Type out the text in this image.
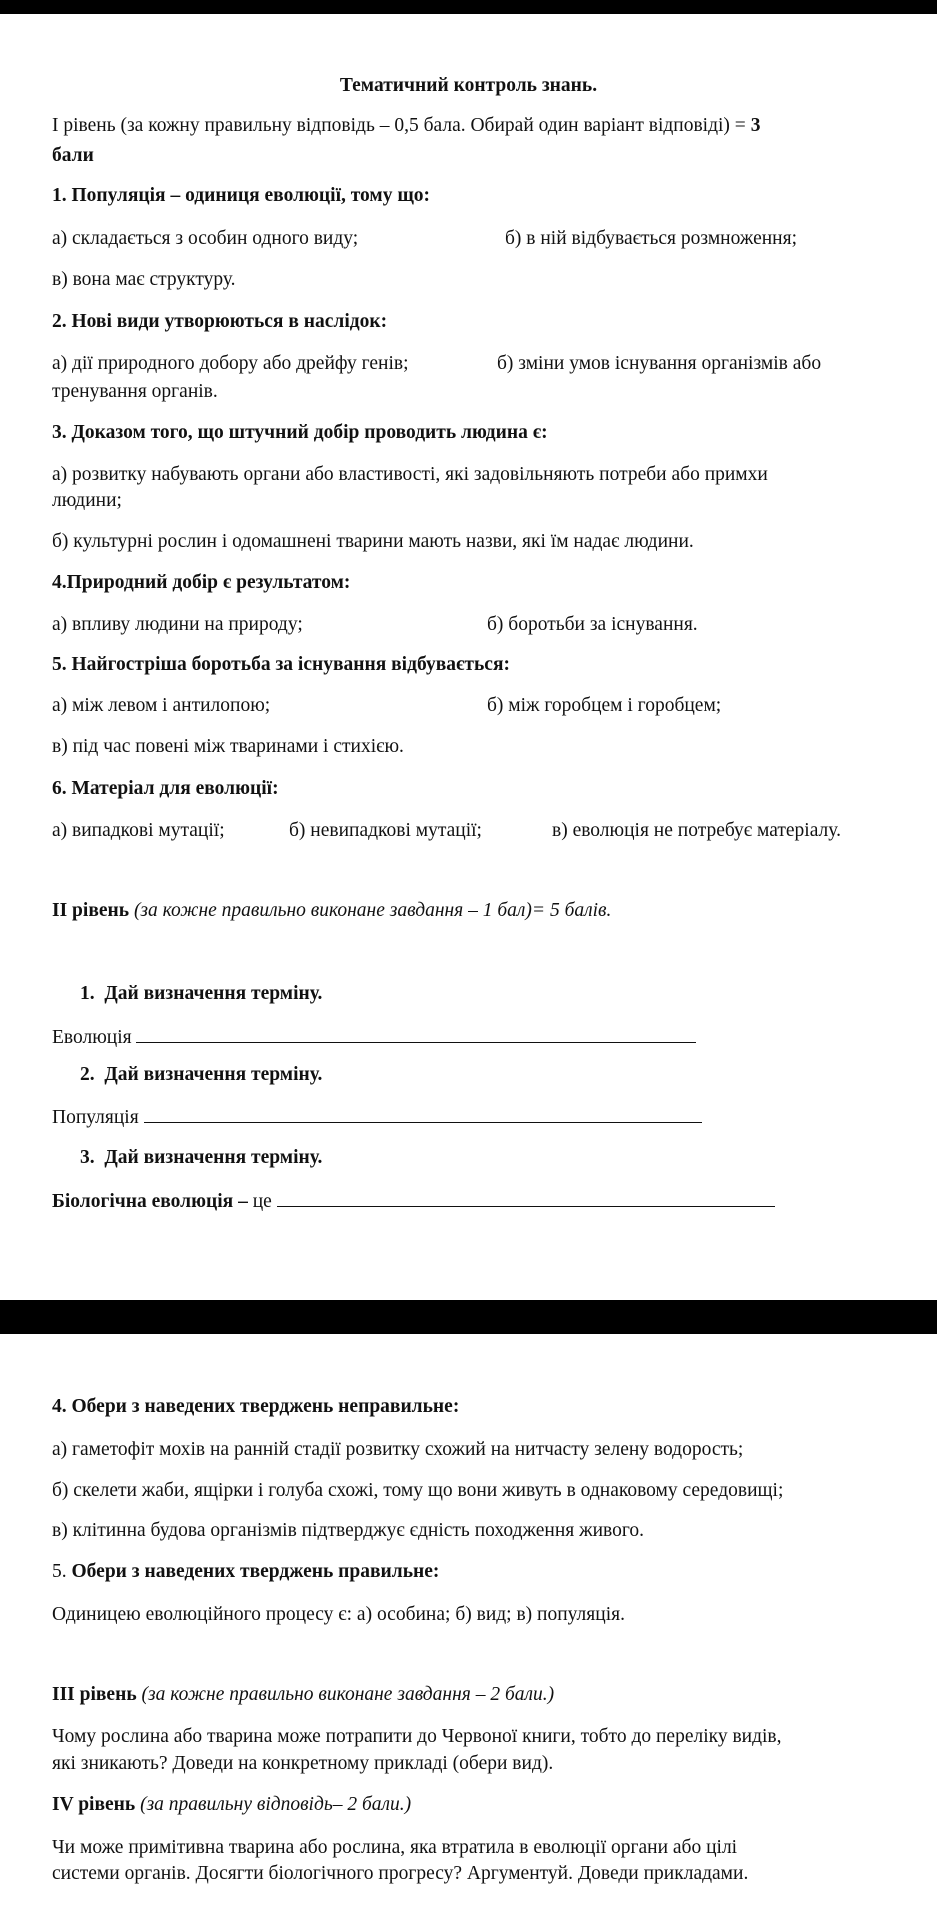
Тематичний контроль знань.
І рівень (за кожну правильну відповідь – 0,5 бала. Обирай один варіант відповіді) = 3
бали
1. Популяція – одиниця еволюції, тому що:
а) складається з особин одного виду;	б) в ній відбувається розмноження;
в) вона має структуру.
2. Нові види утворюються в наслідок:
а) дії природного добору або дрейфу генів;	б) зміни умов існування організмів або
тренування органів.
3. Доказом того, що штучний добір проводить людина є:
а) розвитку набувають органи або властивості, які задовільняють потреби або примхи
людини;
б) культурні рослин і одомашнені тварини мають назви, які їм надає людини.
4.Природний добір є результатом:
а) впливу людини на природу;	б) боротьби за існування.
5. Найгостріша боротьба за існування відбувається:
а) між левом і антилопою;	б) між горобцем і горобцем;
в) під час повені між тваринами і стихією.
6. Матеріал для еволюції:
а) випадкові мутації;	б) невипадкові мутації;	в) еволюція не потребує матеріалу.
ІІ рівень (за кожне правильно виконане завдання – 1 бал)= 5 балів.
1. Дай визначення терміну.
Еволюція
2. Дай визначення терміну.
Популяція
3. Дай визначення терміну.
Біологічна еволюція – це
4. Обери з наведених тверджень неправильне:
а) гаметофіт мохів на ранній стадії розвитку схожий на нитчасту зелену водорость;
б) скелети жаби, ящірки і голуба схожі, тому що вони живуть в однаковому середовищі;
в) клітинна будова організмів підтверджує єдність походження живого.
5. Обери з наведених тверджень правильне:
Одиницею еволюційного процесу є: а) особина; б) вид; в) популяція.
ІІІ рівень (за кожне правильно виконане завдання – 2 бали.)
Чому рослина або тварина може потрапити до Червоної книги, тобто до переліку видів,
які зникають? Доведи на конкретному прикладі (обери вид).
ІV рівень (за правильну відповідь– 2 бали.)
Чи може примітивна тварина або рослина, яка втратила в еволюції органи або цілі
системи органів. Досягти біологічного прогресу? Аргументуй. Доведи прикладами.
